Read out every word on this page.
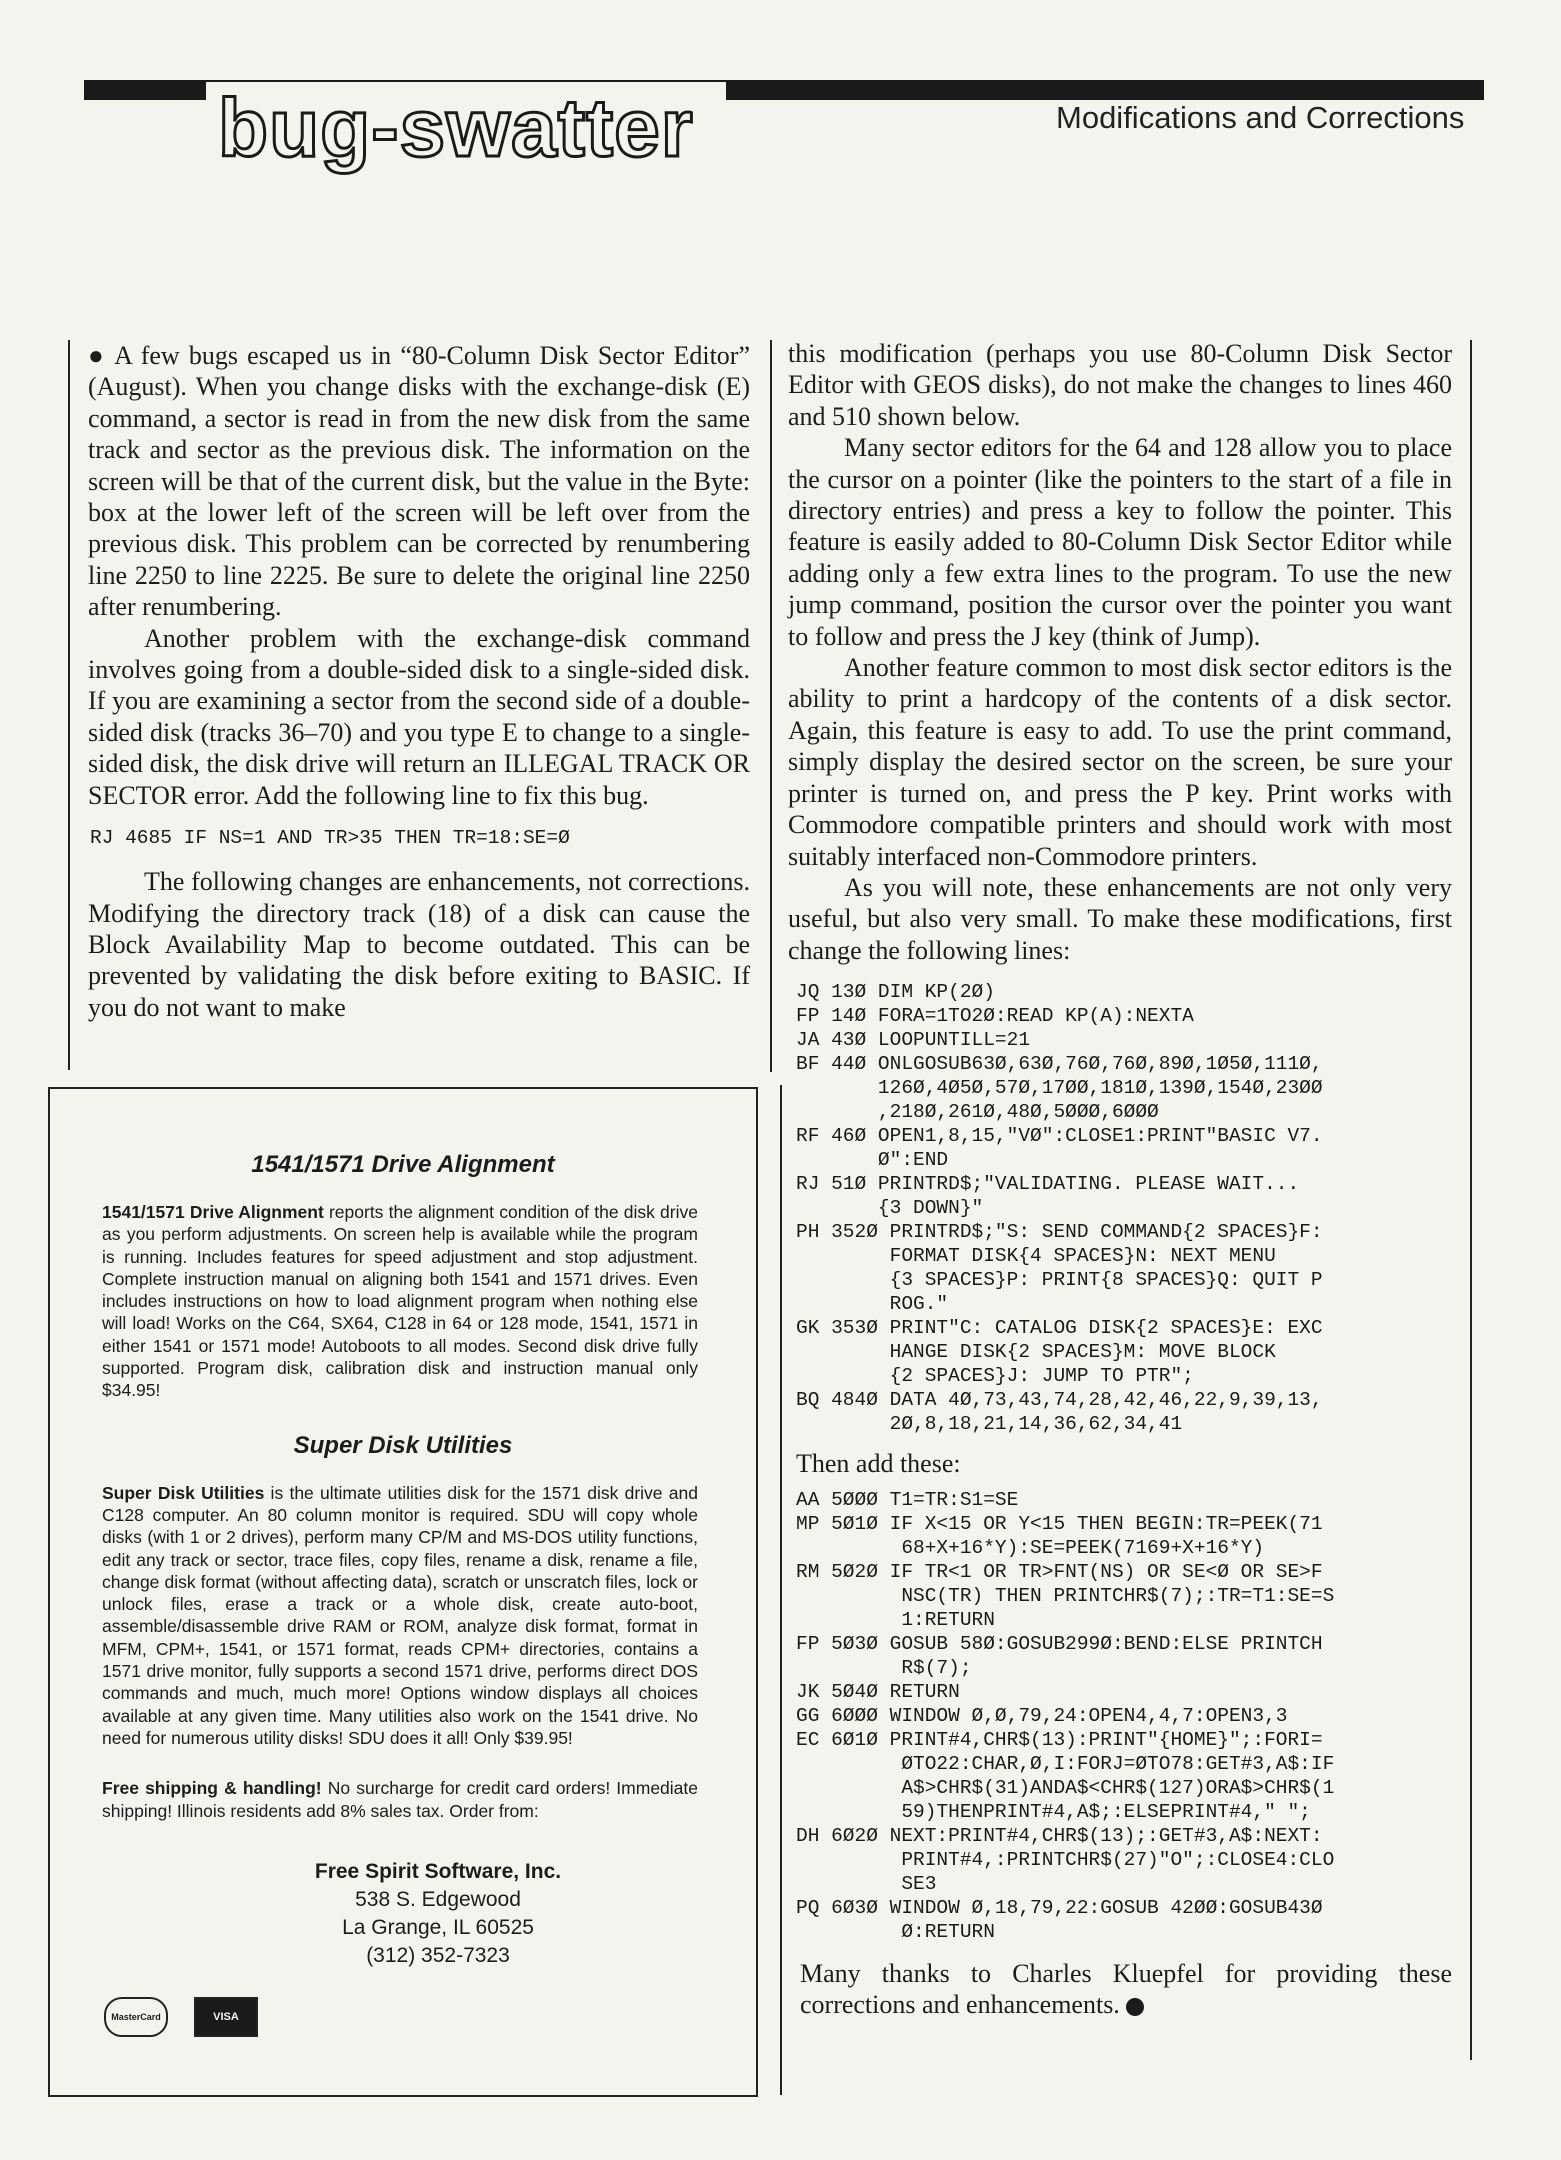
bug-swatter	Modifications and Corrections

● A few bugs escaped us in “80-Column Disk Sector Editor” (August). When you change disks with the exchange-disk (E) command, a sector is read in from the new disk from the same track and sector as the previous disk. The information on the screen will be that of the current disk, but the value in the Byte: box at the lower left of the screen will be left over from the previous disk. This problem can be corrected by renumbering line 2250 to line 2225. Be sure to delete the original line 2250 after renumbering.

Another problem with the exchange-disk command involves going from a double-sided disk to a single-sided disk. If you are examining a sector from the second side of a double-sided disk (tracks 36–70) and you type E to change to a single-sided disk, the disk drive will return an ILLEGAL TRACK OR SECTOR error. Add the following line to fix this bug.

RJ 4685 IF NS=1 AND TR>35 THEN TR=18:SE=Ø

The following changes are enhancements, not corrections. Modifying the directory track (18) of a disk can cause the Block Availability Map to become outdated. This can be prevented by validating the disk before exiting to BASIC. If you do not want to make

this modification (perhaps you use 80-Column Disk Sector Editor with GEOS disks), do not make the changes to lines 460 and 510 shown below.

Many sector editors for the 64 and 128 allow you to place the cursor on a pointer (like the pointers to the start of a file in directory entries) and press a key to follow the pointer. This feature is easily added to 80-Column Disk Sector Editor while adding only a few extra lines to the program. To use the new jump command, position the cursor over the pointer you want to follow and press the J key (think of Jump).

Another feature common to most disk sector editors is the ability to print a hardcopy of the contents of a disk sector. Again, this feature is easy to add. To use the print command, simply display the desired sector on the screen, be sure your printer is turned on, and press the P key. Print works with Commodore compatible printers and should work with most suitably interfaced non-Commodore printers.

As you will note, these enhancements are not only very useful, but also very small. To make these modifications, first change the following lines:

JQ 13Ø DIM KP(2Ø)
FP 14Ø FORA=1TO2Ø:READ KP(A):NEXTA
JA 43Ø LOOPUNTILL=21
BF 44Ø ONLGOSUB63Ø,63Ø,76Ø,76Ø,89Ø,1Ø5Ø,111Ø,
126Ø,4Ø5Ø,57Ø,17ØØ,181Ø,139Ø,154Ø,23ØØ
,218Ø,261Ø,48Ø,5ØØØ,6ØØØ
RF 46Ø OPEN1,8,15,"VØ":CLOSE1:PRINT"BASIC V7.
Ø":END
RJ 51Ø PRINTRD$;"VALIDATING. PLEASE WAIT...
{3 DOWN}"
PH 352Ø PRINTRD$;"S: SEND COMMAND{2 SPACES}F:
FORMAT DISK{4 SPACES}N: NEXT MENU
{3 SPACES}P: PRINT{8 SPACES}Q: QUIT P
ROG."
GK 353Ø PRINT"C: CATALOG DISK{2 SPACES}E: EXC
HANGE DISK{2 SPACES}M: MOVE BLOCK
{2 SPACES}J: JUMP TO PTR";
BQ 484Ø DATA 4Ø,73,43,74,28,42,46,22,9,39,13,
2Ø,8,18,21,14,36,62,34,41

Then add these:

AA 5ØØØ T1=TR:S1=SE
MP 5Ø1Ø IF X<15 OR Y<15 THEN BEGIN:TR=PEEK(71
68+X+16*Y):SE=PEEK(7169+X+16*Y)
RM 5Ø2Ø IF TR<1 OR TR>FNT(NS) OR SE<Ø OR SE>F
NSC(TR) THEN PRINTCHR$(7);:TR=T1:SE=S
1:RETURN
FP 5Ø3Ø GOSUB 58Ø:GOSUB299Ø:BEND:ELSE PRINTCH
R$(7);
JK 5Ø4Ø RETURN
GG 6ØØØ WINDOW Ø,Ø,79,24:OPEN4,4,7:OPEN3,3
EC 6Ø1Ø PRINT#4,CHR$(13):PRINT"{HOME}";:FORI=
ØTO22:CHAR,Ø,I:FORJ=ØTO78:GET#3,A$:IF
A$>CHR$(31)ANDA$<CHR$(127)ORA$>CHR$(1
59)THENPRINT#4,A$;:ELSEPRINT#4," ";
DH 6Ø2Ø NEXT:PRINT#4,CHR$(13);:GET#3,A$:NEXT:
PRINT#4,:PRINTCHR$(27)"O";:CLOSE4:CLO
SE3
PQ 6Ø3Ø WINDOW Ø,18,79,22:GOSUB 42ØØ:GOSUB43Ø
Ø:RETURN

Many thanks to Charles Kluepfel for providing these corrections and enhancements.

1541/1571 Drive Alignment
1541/1571 Drive Alignment reports the alignment condition of the disk drive as you perform adjustments. On screen help is available while the program is running. Includes features for speed adjustment and stop adjustment. Complete instruction manual on aligning both 1541 and 1571 drives. Even includes instructions on how to load alignment program when nothing else will load! Works on the C64, SX64, C128 in 64 or 128 mode, 1541, 1571 in either 1541 or 1571 mode! Autoboots to all modes. Second disk drive fully supported. Program disk, calibration disk and instruction manual only $34.95!
Super Disk Utilities
Super Disk Utilities is the ultimate utilities disk for the 1571 disk drive and C128 computer. An 80 column monitor is required. SDU will copy whole disks (with 1 or 2 drives), perform many CP/M and MS-DOS utility functions, edit any track or sector, trace files, copy files, rename a disk, rename a file, change disk format (without affecting data), scratch or unscratch files, lock or unlock files, erase a track or a whole disk, create auto-boot, assemble/disassemble drive RAM or ROM, analyze disk format, format in MFM, CPM+, 1541, or 1571 format, reads CPM+ directories, contains a 1571 drive monitor, fully supports a second 1571 drive, performs direct DOS commands and much, much more! Options window displays all choices available at any given time. Many utilities also work on the 1541 drive. No need for numerous utility disks! SDU does it all! Only $39.95!
Free shipping & handling! No surcharge for credit card orders! Immediate shipping! Illinois residents add 8% sales tax. Order from:
Free Spirit Software, Inc.
538 S. Edgewood
La Grange, IL 60525
(312) 352-7323
MasterCard	VISA
